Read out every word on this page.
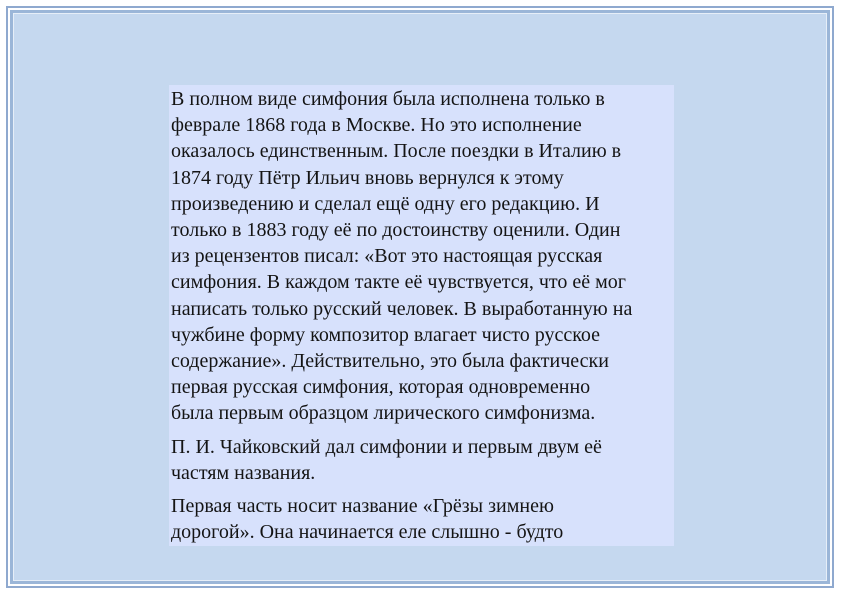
В полном виде симфония была исполнена только в
феврале 1868 года в Москве. Но это исполнение
оказалось единственным. После поездки в Италию в
1874 году Пётр Ильич вновь вернулся к этому
произведению и сделал ещё одну его редакцию. И
только в 1883 году её по достоинству оценили. Один
из рецензентов писал: «Вот это настоящая русская
симфония. В каждом такте её чувствуется, что её мог
написать только русский человек. В выработанную на
чужбине форму композитор влагает чисто русское
содержание». Действительно, это была фактически
первая русская симфония, которая одновременно
была первым образцом лирического симфонизма.

П. И. Чайковский дал симфонии и первым двум её
частям названия.

Первая часть носит название «Грёзы зимнею
дорогой». Она начинается еле слышно - будто
